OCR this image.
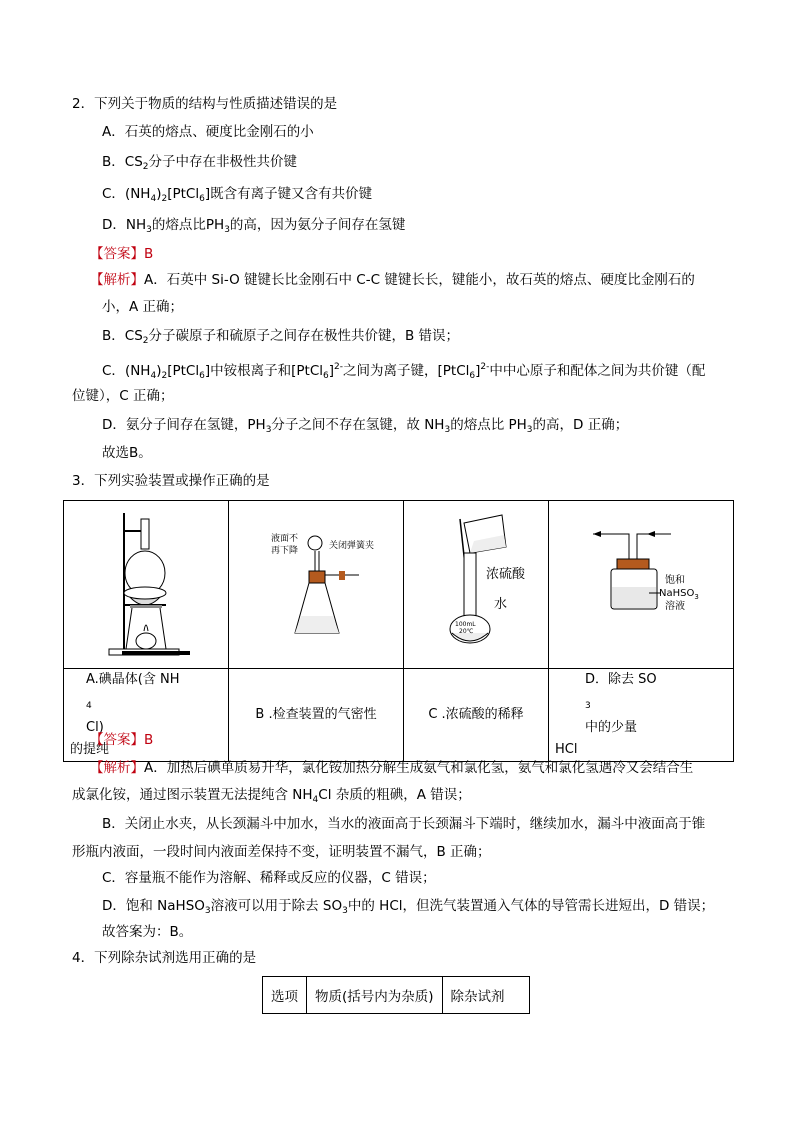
2．下列关于物质的结构与性质描述错误的是
A．石英的熔点、硬度比金刚石的小
B．$CS_2$分子中存在非极性共价键
C．$(NH_4)_2[PtCl_6]$既含有离子键又含有共价键
D．$NH_3$的熔点比$PH_3$的高，因为氨分子间存在氢键
【答案】B
【解析】A．石英中 Si-O 键键长比金刚石中 C-C 键键长长，键能小，故石英的熔点、硬度比金刚石的
小，A 正确；
B．$CS_2$分子碳原子和硫原子之间存在极性共价键，B 错误；
C．$(NH_4)_2[PtCl_6]$中铵根离子和[PtCl$_6$]$^{2-}$之间为离子键，[PtCl$_6$]$^{2-}$中中心原子和配体之间为共价键（配
位键），C 正确；
D．氨分子间存在氢键，$PH_3$分子之间不存在氢键，故 $NH_3$的熔点比 $PH_3$的高，D 正确；
故选B。
3．下列实验装置或操作正确的是

液面不
再下降 关闭弹簧夹	浓硫酸
水
100mL
20℃	饱和
NaHSO$_3$
溶液

A.碘晶体(含 NH
$_4$
Cl)
的提纯	B .检查装置的气密性	C .浓硫酸的稀释	D．除去 SO
$_3$
中的少量
HCl
【答案】B
【解析】A．加热后碘单质易升华，氯化铵加热分解生成氨气和氯化氢，氨气和氯化氢遇冷又会结合生
成氯化铵，通过图示装置无法提纯含 $NH_4Cl$ 杂质的粗碘，A 错误；
B．关闭止水夹，从长颈漏斗中加水，当水的液面高于长颈漏斗下端时，继续加水，漏斗中液面高于锥
形瓶内液面，一段时间内液面差保持不变，证明装置不漏气，B 正确；
C．容量瓶不能作为溶解、稀释或反应的仪器，C 错误；
D．饱和 NaHSO$_3$溶液可以用于除去 $SO_3$中的 HCl，但洗气装置通入气体的导管需长进短出，D 错误；
故答案为：B。
4．下列除杂试剂选用正确的是
选项	物质(括号内为杂质)	除杂试剂
